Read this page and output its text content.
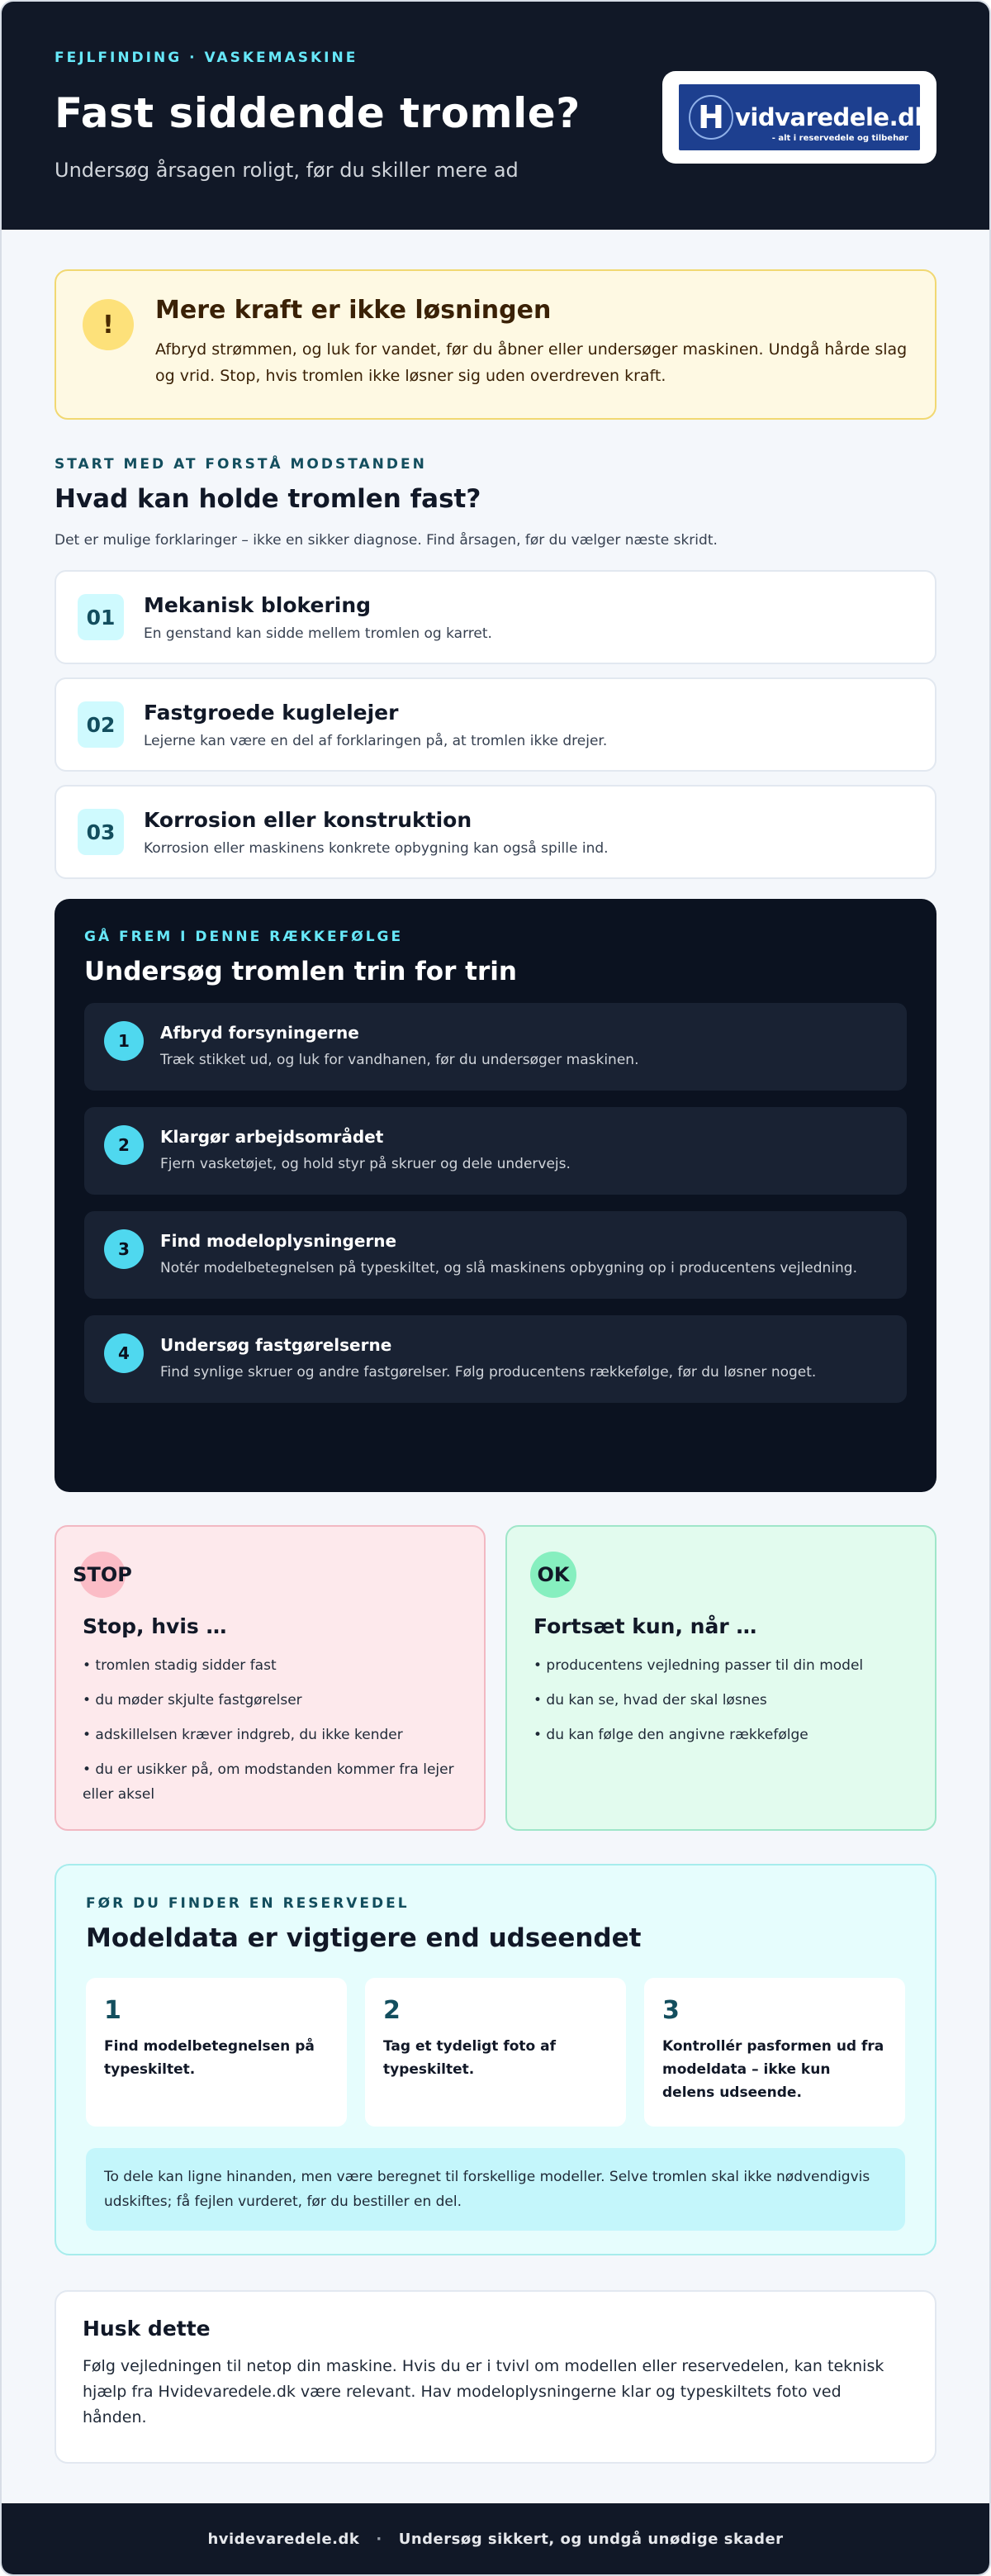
FEJLFINDING · VASKEMASKINE
Fast siddende tromle?
Undersøg årsagen roligt, før du skiller mere ad
H vidvaredele.dk
- alt i reservedele og tilbehør
!	Mere kraft er ikke løsningen

Afbryd strømmen, og luk for vandet, før du åbner eller undersøger maskinen. Undgå hårde slag og vrid. Stop, hvis tromlen ikke løsner sig uden overdreven kraft.

START MED AT FORSTÅ MODSTANDEN
Hvad kan holde tromlen fast?
Det er mulige forklaringer – ikke en sikker diagnose. Find årsagen, før du vælger næste skridt.
01
Mekanisk blokering

En genstand kan sidde mellem tromlen og karret.

02
Fastgroede kuglelejer

Lejerne kan være en del af forklaringen på, at tromlen ikke drejer.

03
Korrosion eller konstruktion

Korrosion eller maskinens konkrete opbygning kan også spille ind.

GÅ FREM I DENNE RÆKKEFØLGE
Undersøg tromlen trin for trin
1	Afbryd forsyningerne

Træk stikket ud, og luk for vandhanen, før du undersøger maskinen.

2	Klargør arbejdsområdet

Fjern vasketøjet, og hold styr på skruer og dele undervejs.

3	Find modeloplysningerne

Notér modelbetegnelsen på typeskiltet, og slå maskinens opbygning op i producentens vejledning.

4	Undersøg fastgørelserne

Find synlige skruer og andre fastgørelser. Følg producentens rækkefølge, før du løsner noget.

STOP
Stop, hvis …
• tromlen stadig sidder fast
• du møder skjulte fastgørelser
• adskillelsen kræver indgreb, du ikke kender
• du er usikker på, om modstanden kommer fra lejer eller aksel
OK
Fortsæt kun, når …
• producentens vejledning passer til din model
• du kan se, hvad der skal løsnes
• du kan følge den angivne rækkefølge
FØR DU FINDER EN RESERVEDEL
Modeldata er vigtigere end udseendet
1

Find modelbetegnelsen på typeskiltet.

2

Tag et tydeligt foto af typeskiltet.

3

Kontrollér pasformen ud fra modeldata – ikke kun delens udseende.

To dele kan ligne hinanden, men være beregnet til forskellige modeller. Selve tromlen skal ikke nødvendigvis udskiftes; få fejlen vurderet, før du bestiller en del.
Husk dette

Følg vejledningen til netop din maskine. Hvis du er i tvivl om modellen eller reservedelen, kan teknisk hjælp fra Hvidevaredele.dk være relevant. Hav modeloplysningerne klar og typeskiltets foto ved hånden.

hvidevaredele.dk · Undersøg sikkert, og undgå unødige skader
